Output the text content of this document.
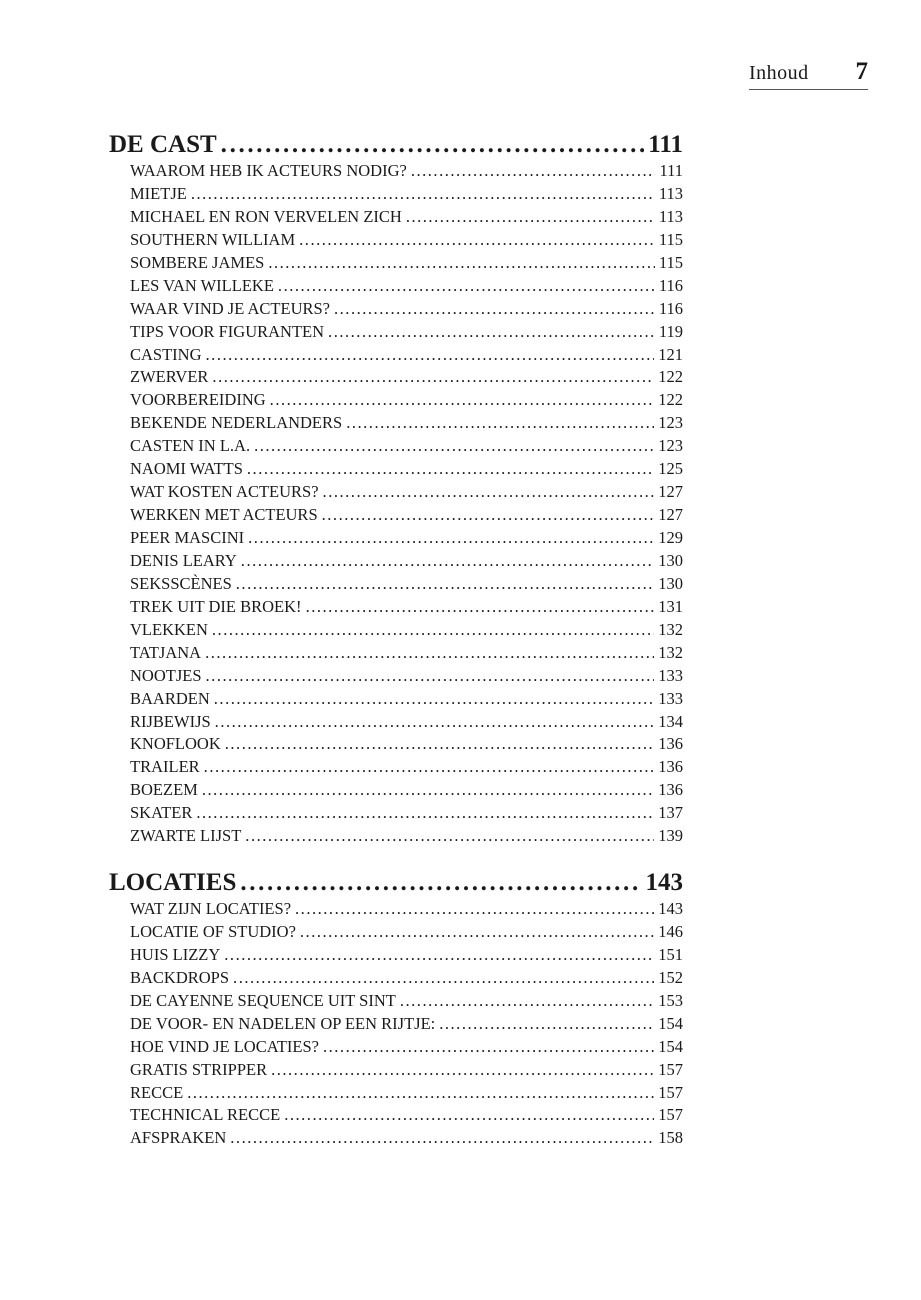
Inhoud 7
DE CAST . . .	111
WAAROM HEB IK ACTEURS NODIG? . . .	111
MIETJE . . .	113
MICHAEL EN RON VERVELEN ZICH . . .	113
SOUTHERN WILLIAM . . .	115
SOMBERE JAMES . . .	115
LES VAN WILLEKE . . .	116
WAAR VIND JE ACTEURS? . . .	116
TIPS VOOR FIGURANTEN . . .	119
CASTING . . .	121
ZWERVER . . .	122
VOORBEREIDING . . .	122
BEKENDE NEDERLANDERS . . .	123
CASTEN IN L.A. . . .	123
NAOMI WATTS . . .	125
WAT KOSTEN ACTEURS? . . .	127
WERKEN MET ACTEURS . . .	127
PEER MASCINI . . .	129
DENIS LEARY . . .	130
SEKSSCÈNES . . .	130
TREK UIT DIE BROEK! . . .	131
VLEKKEN . . .	132
TATJANA . . .	132
NOOTJES . . .	133
BAARDEN . . .	133
RIJBEWIJS . . .	134
KNOFLOOK . . .	136
TRAILER . . .	136
BOEZEM . . .	136
SKATER . . .	137
ZWARTE LIJST . . .	139
LOCATIES . . .	143
WAT ZIJN LOCATIES? . . .	143
LOCATIE OF STUDIO? . . .	146
HUIS LIZZY . . .	151
BACKDROPS . . .	152
DE CAYENNE SEQUENCE UIT SINT . . .	153
DE VOOR- EN NADELEN OP EEN RIJTJE: . . .	154
HOE VIND JE LOCATIES? . . .	154
GRATIS STRIPPER . . .	157
RECCE . . .	157
TECHNICAL RECCE . . .	157
AFSPRAKEN . . .	158
